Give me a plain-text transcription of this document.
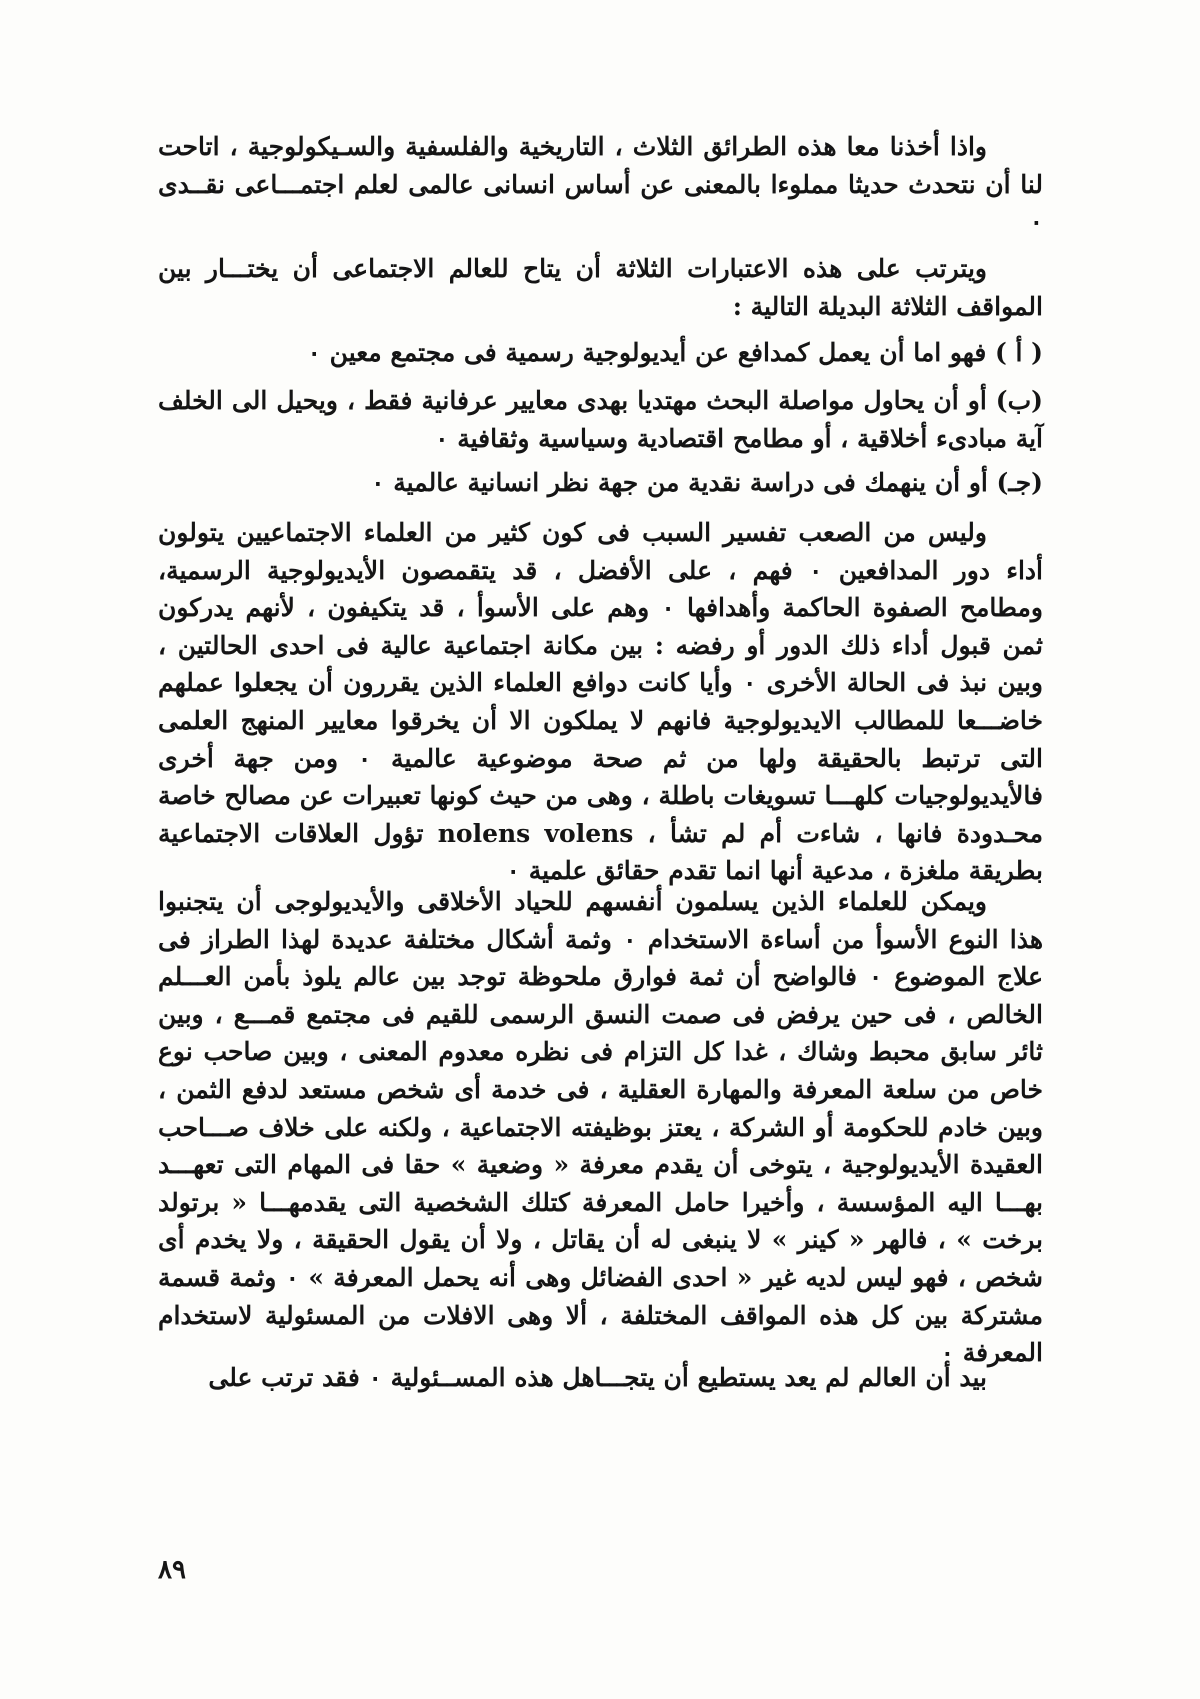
واذا أخذنا معا هذه الطرائق الثلاث ، التاريخية والفلسفية والسـيكولوجية ، اتاحت لنا أن نتحدث حديثا مملوءا بالمعنى عن أساس انسانى عالمى لعلم اجتمـــاعى نقــدى ٠

ويترتب على هذه الاعتبارات الثلاثة أن يتاح للعالم الاجتماعى أن يختـــار بين المواقف الثلاثة البديلة التالية :

( أ ) فهو اما أن يعمل كمدافع عن أيديولوجية رسمية فى مجتمع معين ٠

(ب) أو أن يحاول مواصلة البحث مهتديا بهدى معايير عرفانية فقط ، ويحيل الى الخلف آية مبادىء أخلاقية ، أو مطامح اقتصادية وسياسية وثقافية ٠

(جـ) أو أن ينهمك فى دراسة نقدية من جهة نظر انسانية عالمية ٠

وليس من الصعب تفسير السبب فى كون كثير من العلماء الاجتماعيين يتولون أداء دور المدافعين ٠ فهم ، على الأفضل ، قد يتقمصون الأيديولوجية الرسمية، ومطامح الصفوة الحاكمة وأهدافها ٠ وهم على الأسوأ ، قد يتكيفون ، لأنهم يدركون ثمن قبول أداء ذلك الدور أو رفضه : بين مكانة اجتماعية عالية فى احدى الحالتين ، وبين نبذ فى الحالة الأخرى ٠ وأيا كانت دوافع العلماء الذين يقررون أن يجعلوا عملهم خاضـــعا للمطالب الايديولوجية فانهم لا يملكون الا أن يخرقوا معايير المنهج العلمى التى ترتبط بالحقيقة ولها من ثم صحة موضوعية عالمية ٠ ومن جهة أخرى فالأيديولوجيات كلهـــا تسويغات باطلة ، وهى من حيث كونها تعبيرات عن مصالح خاصة محـدودة فانها ، شاءت أم لم تشأ ، nolens volens تؤول العلاقات الاجتماعية بطريقة ملغزة ، مدعية أنها انما تقدم حقائق علمية ٠

ويمكن للعلماء الذين يسلمون أنفسهم للحياد الأخلاقى والأيديولوجى أن يتجنبوا هذا النوع الأسوأ من أساءة الاستخدام ٠ وثمة أشكال مختلفة عديدة لهذا الطراز فى علاج الموضوع ٠ فالواضح أن ثمة فوارق ملحوظة توجد بين عالم يلوذ بأمن العـــلم الخالص ، فى حين يرفض فى صمت النسق الرسمى للقيم فى مجتمع قمـــع ، وبين ثائر سابق محبط وشاك ، غدا كل التزام فى نظره معدوم المعنى ، وبين صاحب نوع خاص من سلعة المعرفة والمهارة العقلية ، فى خدمة أى شخص مستعد لدفع الثمن ، وبين خادم للحكومة أو الشركة ، يعتز بوظيفته الاجتماعية ، ولكنه على خلاف صـــاحب العقيدة الأيديولوجية ، يتوخى أن يقدم معرفة « وضعية » حقا فى المهام التى تعهـــد بهـــا اليه المؤسسة ، وأخيرا حامل المعرفة كتلك الشخصية التى يقدمهـــا « برتولد برخت » ، فالهر « كينر » لا ينبغى له أن يقاتل ، ولا أن يقول الحقيقة ، ولا يخدم أى شخص ، فهو ليس لديه غير « احدى الفضائل وهى أنه يحمل المعرفة » ٠ وثمة قسمة مشتركة بين كل هذه المواقف المختلفة ، ألا وهى الافلات من المسئولية لاستخدام المعرفة ٠

بيد أن العالم لم يعد يستطيع أن يتجـــاهل هذه المســئولية ٠ فقد ترتب على

٨٩
